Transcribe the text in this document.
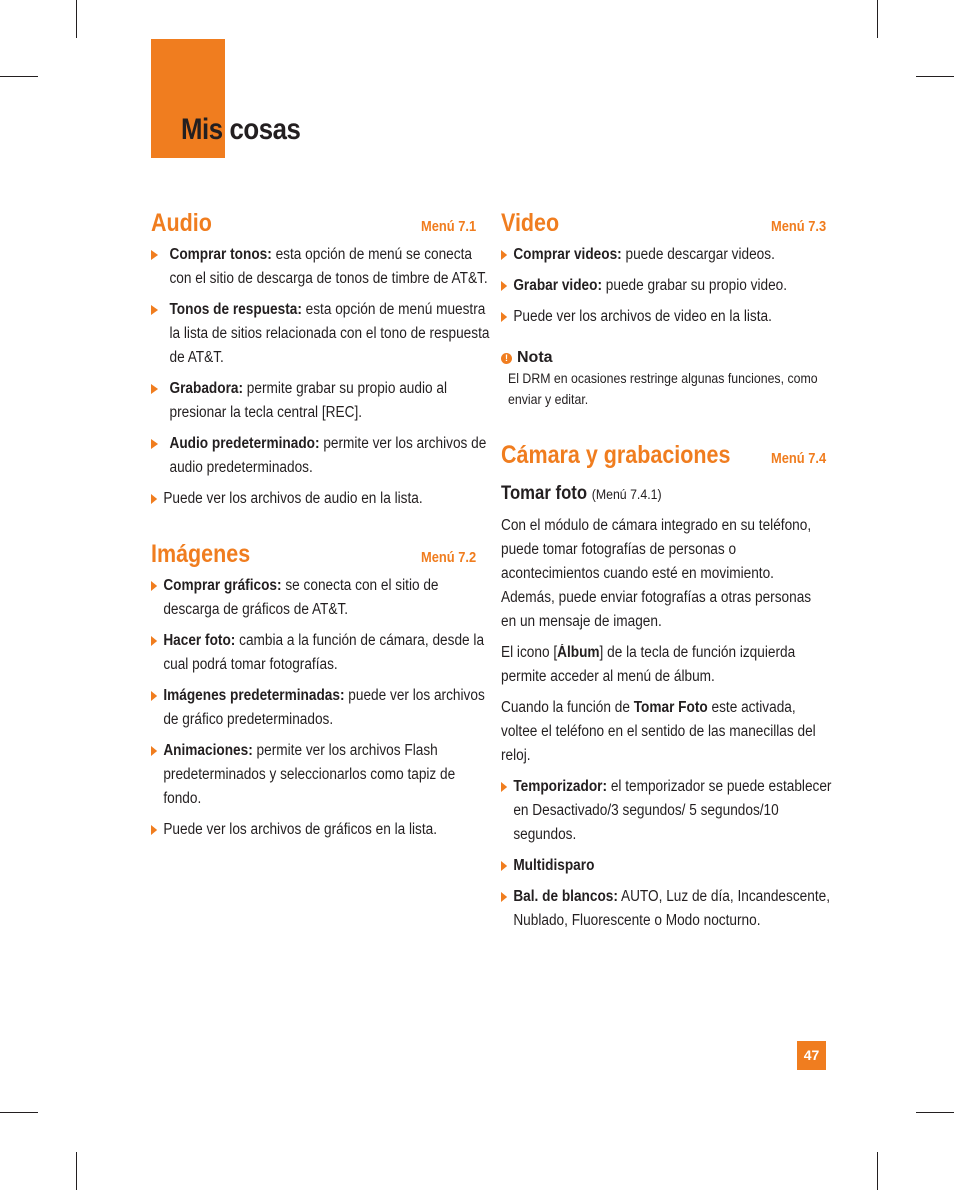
Mis cosas
Audio	Menú 7.1
Comprar tonos: esta opción de menú se conecta con el sitio de descarga de tonos de timbre de AT&T.
Tonos de respuesta: esta opción de menú muestra la lista de sitios relacionada con el tono de respuesta de AT&T.
Grabadora: permite grabar su propio audio al presionar la tecla central [REC].
Audio predeterminado: permite ver los archivos de audio predeterminados.
Puede ver los archivos de audio en la lista.
Imágenes	Menú 7.2
Comprar gráficos: se conecta con el sitio de descarga de gráficos de AT&T.
Hacer foto: cambia a la función de cámara, desde la cual podrá tomar fotografías.
Imágenes predeterminadas: puede ver los archivos de gráfico predeterminados.
Animaciones: permite ver los archivos Flash predeterminados y seleccionarlos como tapiz de fondo.
Puede ver los archivos de gráficos en la lista.
Video	Menú 7.3
Comprar videos: puede descargar videos.
Grabar video: puede grabar su propio video.
Puede ver los archivos de video en la lista.
! Nota
El DRM en ocasiones restringe algunas funciones, como enviar y editar.
Cámara y grabaciones	Menú 7.4
Tomar foto (Menú 7.4.1)

Con el módulo de cámara integrado en su teléfono, puede tomar fotografías de personas o acontecimientos cuando esté en movimiento. Además, puede enviar fotografías a otras personas en un mensaje de imagen.

El icono [Álbum] de la tecla de función izquierda permite acceder al menú de álbum.

Cuando la función de Tomar Foto este activada, voltee el teléfono en el sentido de las manecillas del reloj.

Temporizador: el temporizador se puede establecer en Desactivado/3 segundos/ 5 segundos/10 segundos.
Multidisparo
Bal. de blancos: AUTO, Luz de día, Incandescente, Nublado, Fluorescente o Modo nocturno.
47
